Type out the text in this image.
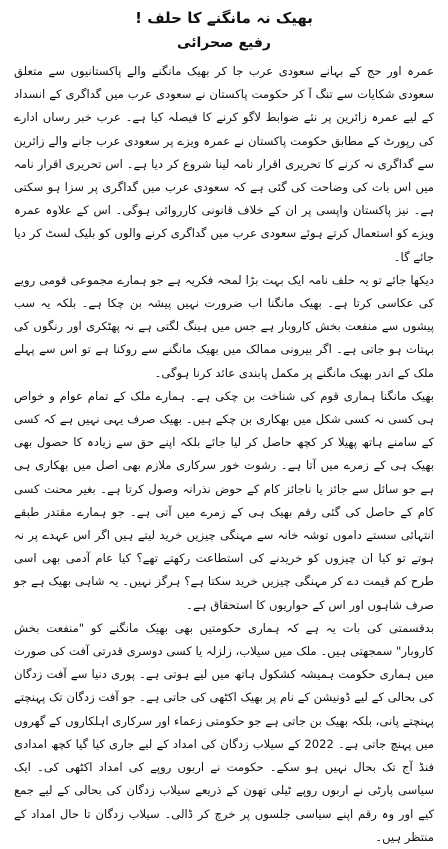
بھیک نہ مانگنے کا حلف !
رفیع صحرائی

عمرہ اور حج کے بہانے سعودی عرب جا کر بھیک مانگنے والے پاکستانیوں سے متعلق سعودی شکایات سے تنگ آ کر حکومت پاکستان نے سعودی عرب میں گداگری کے انسداد کے لیے عمرہ زائرین پر نئے ضوابط لاگو کرنے کا فیصلہ کیا ہے۔ عرب خبر رساں ادارے کی رپورٹ کے مطابق حکومت پاکستان نے عمرہ ویزے پر سعودی عرب جانے والے زائرین سے گداگری نہ کرنے کا تحریری اقرار نامہ لینا شروع کر دیا ہے۔ اس تحریری اقرار نامہ میں اس بات کی وضاحت کی گئی ہے کہ سعودی عرب میں گداگری پر سزا ہو سکتی ہے۔ نیز پاکستان واپسی پر ان کے خلاف قانونی کارروائی ہوگی۔ اس کے علاوہ عمرہ ویزے کو استعمال کرتے ہوئے سعودی عرب میں گداگری کرنے والوں کو بلیک لسٹ کر دیا جائے گا۔

دیکھا جائے تو یہ حلف نامہ ایک بہت بڑا لمحہ فکریہ ہے جو ہمارے مجموعی قومی رویے کی عکاسی کرتا ہے۔ بھیک مانگنا اب ضرورت نہیں پیشہ بن چکا ہے۔ بلکہ یہ سب پیشوں سے منفعت بخش کاروبار ہے جس میں ہینگ لگتی ہے نہ پھٹکری اور رنگوں کی بہتات ہو جاتی ہے۔ اگر بیرونی ممالک میں بھیک مانگنے سے روکنا ہے تو اس سے پہلے ملک کے اندر بھیک مانگنے پر مکمل پابندی عائد کرنا ہوگی۔

بھیک مانگنا ہماری قوم کی شناخت بن چکی ہے۔ ہمارے ملک کے تمام عوام و خواص ہی کسی نہ کسی شکل میں بھکاری بن چکے ہیں۔ بھیک صرف یہی نہیں ہے کہ کسی کے سامنے ہاتھ پھیلا کر کچھ حاصل کر لیا جائے بلکہ اپنے حق سے زیادہ کا حصول بھی بھیک ہی کے زمرے میں آتا ہے۔ رشوت خور سرکاری ملازم بھی اصل میں بھکاری ہی ہے جو سائل سے جائز یا ناجائز کام کے حوض نذرانہ وصول کرتا ہے۔ بغیر محنت کسی کام کے حاصل کی گئی رقم بھیک ہی کے زمرے میں آتی ہے۔ جو ہمارے مقتدر طبقے انتہائی سستے داموں توشہ خانہ سے مہنگی چیزیں خرید لیتے ہیں اگر اس عہدے پر نہ ہوتے تو کیا ان چیزوں کو خریدنے کی استطاعت رکھتے تھے؟ کیا عام آدمی بھی اسی طرح کم قیمت دے کر مہنگی چیزیں خرید سکتا ہے؟ ہرگز نہیں۔ یہ شاہی بھیک ہے جو صرف شاہوں اور اس کے حواریوں کا استحقاق ہے۔

بدقسمتی کی بات یہ ہے کہ ہماری حکومتیں بھی بھیک مانگنے کو "منفعت بخش کاروبار" سمجھتی ہیں۔ ملک میں سیلاب، زلزلہ یا کسی دوسری قدرتی آفت کی صورت میں ہماری حکومت ہمیشہ کشکول ہاتھ میں لیے ہوتی ہے۔ پوری دنیا سے آفت زدگان کی بحالی کے لیے ڈونیشن کے نام پر بھیک اکٹھی کی جاتی ہے۔ جو آفت زدگان تک پہنچتے پہنچتے پانی، بلکہ بھیک بن جاتی ہے جو حکومتی زعماء اور سرکاری اہلکاروں کے گھروں میں پہنچ جاتی ہے۔ 2022 کے سیلاب زدگان کی امداد کے لیے جاری کیا گیا کچھ امدادی فنڈ آج تک بحال نہیں ہو سکے۔ حکومت نے اربوں روپے کی امداد اکٹھی کی۔ ایک سیاسی پارٹی نے اربوں روپے ٹیلی تھون کے ذریعے سیلاب زدگان کی بحالی کے لیے جمع کیے اور وہ رقم اپنے سیاسی جلسوں پر خرچ کر ڈالی۔ سیلاب زدگان تا حال امداد کے منتظر ہیں۔
